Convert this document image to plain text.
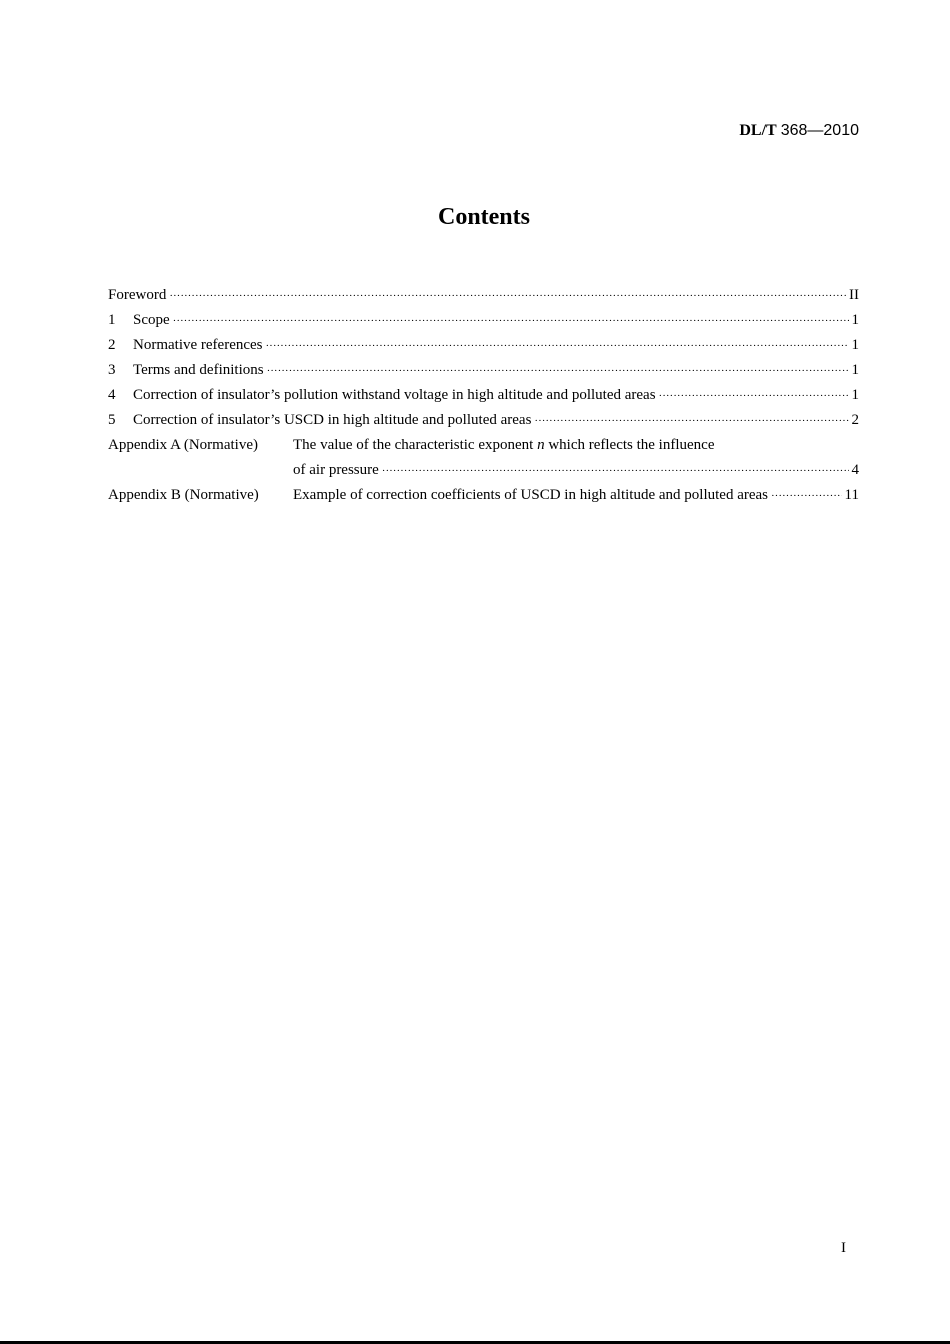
DL/T 368—2010
Contents
Foreword ·····	II
1	Scope ·····	1
2	Normative references ·····	1
3	Terms and definitions ·····	1
4	Correction of insulator’s pollution withstand voltage in high altitude and polluted areas ·····	1
5	Correction of insulator’s USCD in high altitude and polluted areas ·····	2
Appendix A (Normative)	The value of the characteristic exponent n which reflects the influence
of air pressure ·····	4
Appendix B (Normative)	Example of correction coefficients of USCD in high altitude and polluted areas ·····	11
I
